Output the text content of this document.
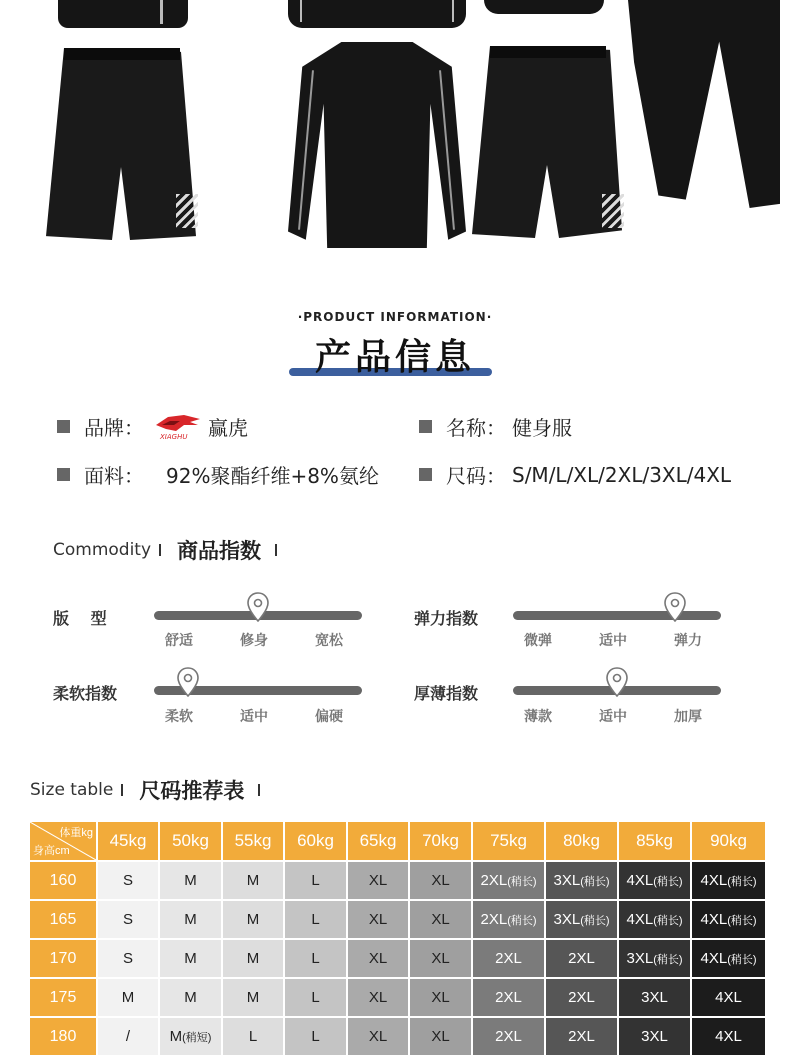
·PRODUCT INFORMATION·
产品信息
品牌： XIAGHU 赢虎	名称： 健身服
面料： 92%聚酯纤维+8%氨纶	尺码： S/M/L/XL/2XL/3XL/4XL
Commodity 商品指数
版　 型
舒适	修身	宽松
弹力指数
微弹	适中	弹力
柔软指数
柔软	适中	偏硬
厚薄指数
薄款	适中	加厚
Size table 尺码推荐表
体重kg
身高cm	45kg	50kg	55kg	60kg	65kg	70kg	75kg	80kg	85kg	90kg
160	S	M	M	L	XL	XL	2XL(稍长)	3XL(稍长)	4XL(稍长)	4XL(稍长)
165	S	M	M	L	XL	XL	2XL(稍长)	3XL(稍长)	4XL(稍长)	4XL(稍长)
170	S	M	M	L	XL	XL	2XL	2XL	3XL(稍长)	4XL(稍长)
175	M	M	M	L	XL	XL	2XL	2XL	3XL	4XL
180	/	M(稍短)	L	L	XL	XL	2XL	2XL	3XL	4XL
